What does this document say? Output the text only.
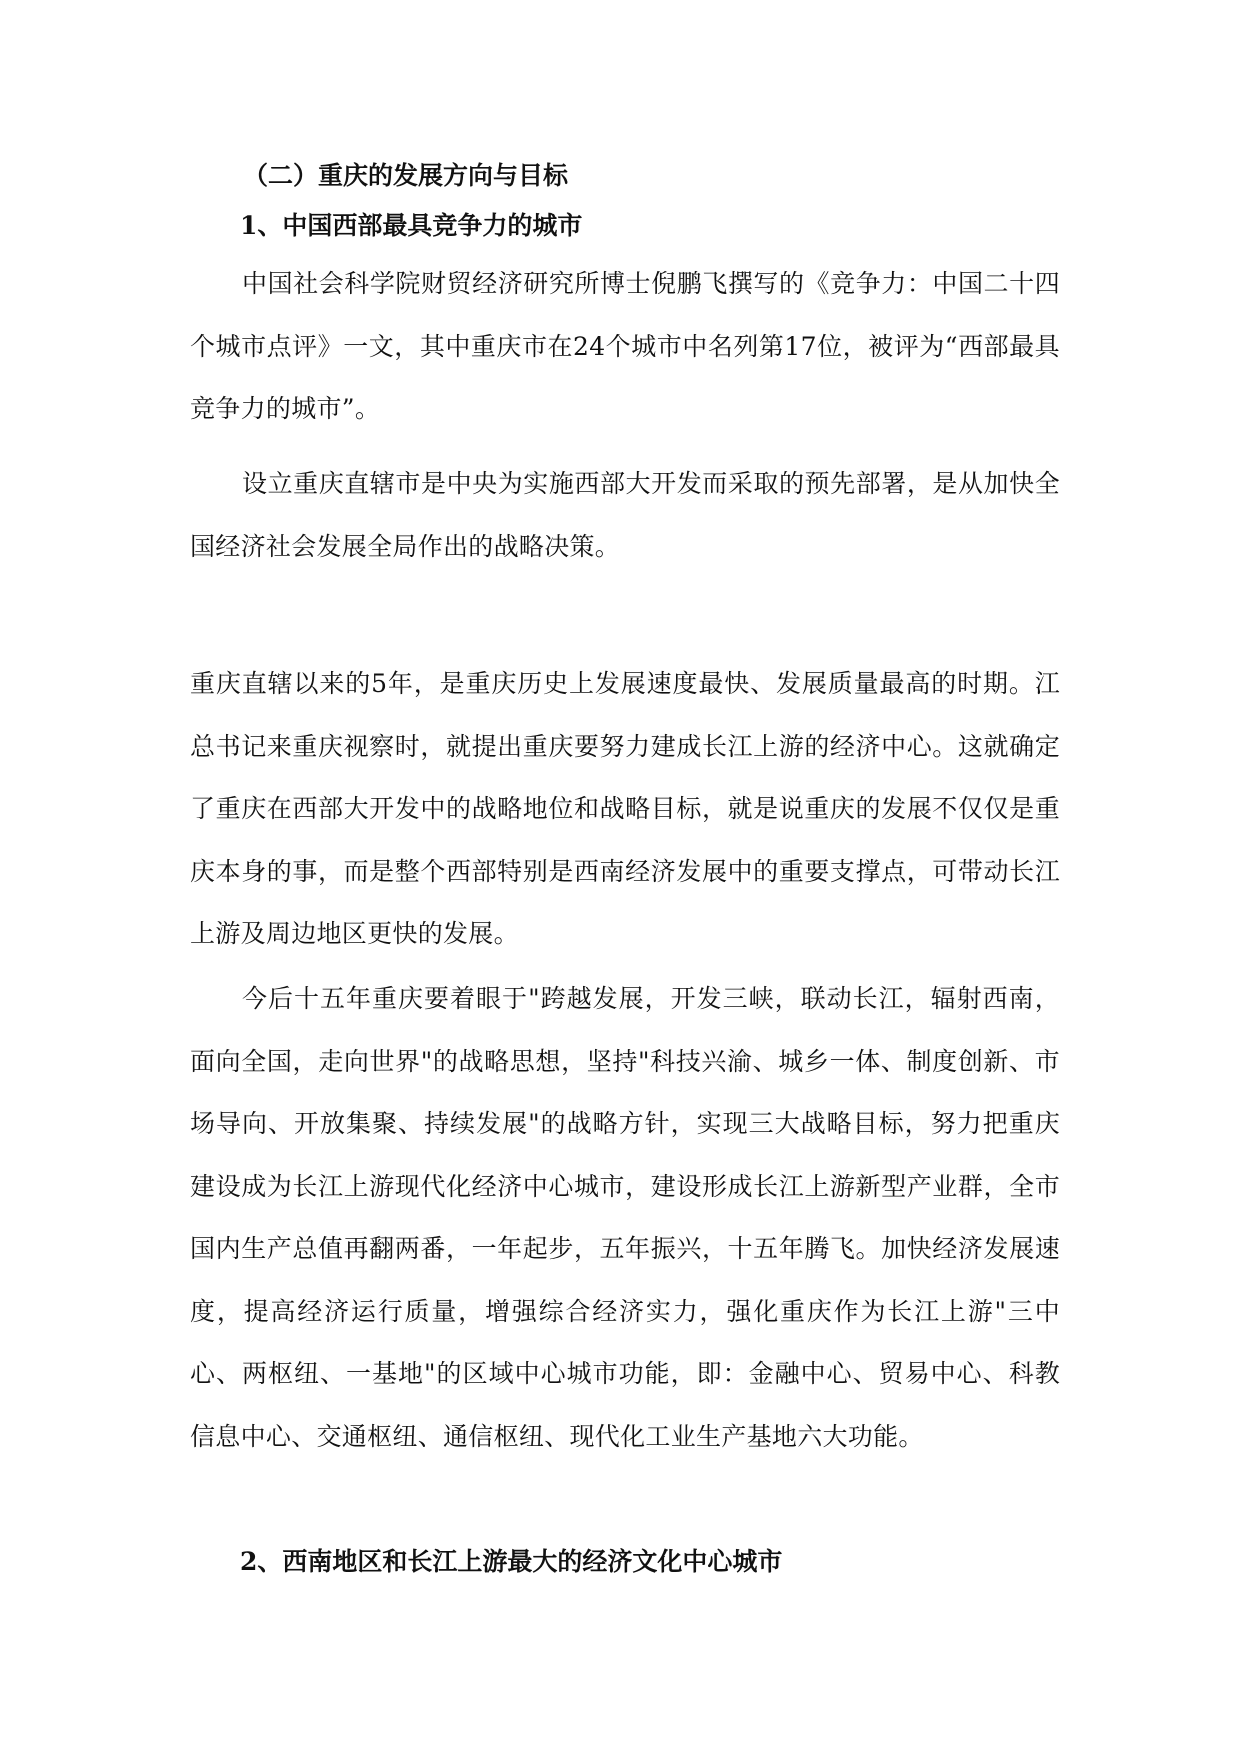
（二）重庆的发展方向与目标
1、中国西部最具竞争力的城市
中国社会科学院财贸经济研究所博士倪鹏飞撰写的《竞争力：中国二十四个城市点评》一文，其中重庆市在24个城市中名列第17位，被评为“西部最具竞争力的城市”。
设立重庆直辖市是中央为实施西部大开发而采取的预先部署，是从加快全国经济社会发展全局作出的战略决策。
重庆直辖以来的5年，是重庆历史上发展速度最快、发展质量最高的时期。江总书记来重庆视察时，就提出重庆要努力建成长江上游的经济中心。这就确定了重庆在西部大开发中的战略地位和战略目标，就是说重庆的发展不仅仅是重庆本身的事，而是整个西部特别是西南经济发展中的重要支撑点，可带动长江上游及周边地区更快的发展。
今后十五年重庆要着眼于"跨越发展，开发三峡，联动长江，辐射西南，面向全国，走向世界"的战略思想，坚持"科技兴渝、城乡一体、制度创新、市场导向、开放集聚、持续发展"的战略方针，实现三大战略目标，努力把重庆建设成为长江上游现代化经济中心城市，建设形成长江上游新型产业群，全市国内生产总值再翻两番，一年起步，五年振兴，十五年腾飞。加快经济发展速度，提高经济运行质量，增强综合经济实力，强化重庆作为长江上游"三中心、两枢纽、一基地"的区域中心城市功能，即：金融中心、贸易中心、科教信息中心、交通枢纽、通信枢纽、现代化工业生产基地六大功能。
2、西南地区和长江上游最大的经济文化中心城市
